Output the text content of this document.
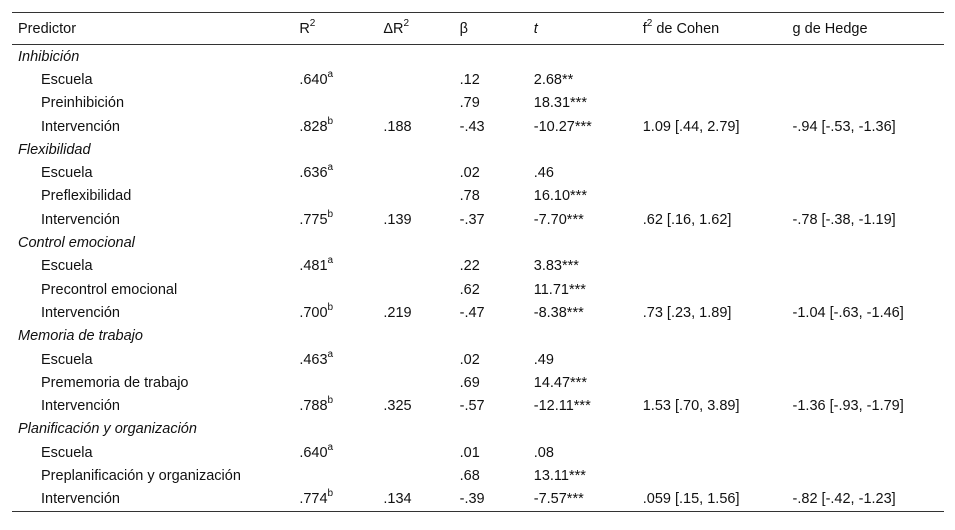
Predictor	$R^2$	$\Delta R^2$	β	t	$f^2$ de Cohen	g de Hedge
Inhibición						
Escuela	.640$^a$		.12	2.68**		
Preinhibición			.79	18.31***		
Intervención	.828$^b$	.188	-.43	-10.27***	1.09 [.44, 2.79]	-.94 [-.53, -1.36]
Flexibilidad						
Escuela	.636$^a$		.02	.46		
Preflexibilidad			.78	16.10***		
Intervención	.775$^b$	.139	-.37	-7.70***	.62 [.16, 1.62]	-.78 [-.38, -1.19]
Control emocional						
Escuela	.481$^a$		.22	3.83***		
Precontrol emocional			.62	11.71***		
Intervención	.700$^b$	.219	-.47	-8.38***	.73 [.23, 1.89]	-1.04 [-.63, -1.46]
Memoria de trabajo						
Escuela	.463$^a$		.02	.49		
Prememoria de trabajo			.69	14.47***		
Intervención	.788$^b$	.325	-.57	-12.11***	1.53 [.70, 3.89]	-1.36 [-.93, -1.79]
Planificación y organización						
Escuela	.640$^a$		.01	.08		
Preplanificación y organización			.68	13.11***		
Intervención	.774$^b$	.134	-.39	-7.57***	.059 [.15, 1.56]	-.82 [-.42, -1.23]
